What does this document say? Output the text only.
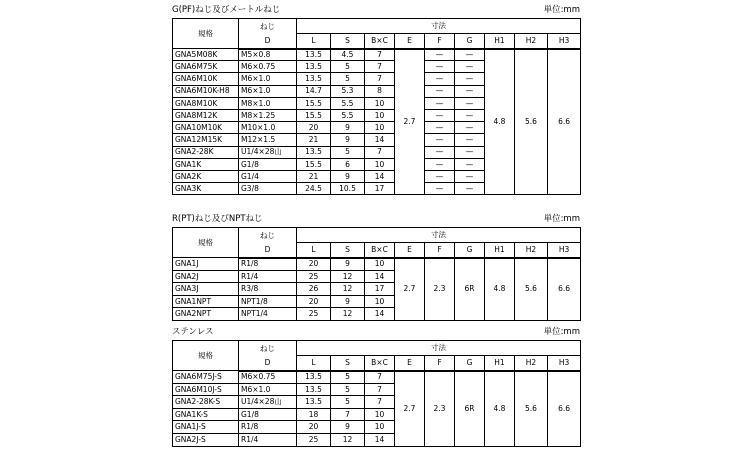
G(PF)ねじ及びメートルねじ	単位:mm
規格	ねじ	寸法								
	D	L	S	B×C	E	F	G	H1	H2	H3
GNA5M08K	M5×0.8	13.5	4.5	7	2.7	—	—	4.8	5.6	6.6
GNA6M75K	M6×0.75	13.5	5	7		—	—			
GNA6M10K	M6×1.0	13.5	5	7		—	—			
GNA6M10K-H8	M6×1.0	14.7	5.3	8		—	—			
GNA8M10K	M8×1.0	15.5	5.5	10		—	—			
GNA8M12K	M8×1.25	15.5	5.5	10		—	—			
GNA10M10K	M10×1.0	20	9	10		—	—			
GNA12M15K	M12×1.5	21	9	14		—	—			
GNA2-28K	U1/4×28山	13.5	5	7		—	—			
GNA1K	G1/8	15.5	6	10		—	—			
GNA2K	G1/4	21	9	14		—	—			
GNA3K	G3/8	24.5	10.5	17		—	—			
R(PT)ねじ及びNPTねじ	単位:mm
規格	ねじ	寸法								
	D	L	S	B×C	E	F	G	H1	H2	H3
GNA1J	R1/8	20	9	10	2.7	2.3	6R	4.8	5.6	6.6
GNA2J	R1/4	25	12	14						
GNA3J	R3/8	26	12	17						
GNA1NPT	NPT1/8	20	9	10						
GNA2NPT	NPT1/4	25	12	14						
ステンレス	単位:mm
規格	ねじ	寸法								
	D	L	S	B×C	E	F	G	H1	H2	H3
GNA6M75J-S	M6×0.75	13.5	5	7	2.7	2.3	6R	4.8	5.6	6.6
GNA6M10J-S	M6×1.0	13.5	5	7						
GNA2-28K-S	U1/4×28山	13.5	5	7						
GNA1K-S	G1/8	18	7	10						
GNA1J-S	R1/8	20	9	10						
GNA2J-S	R1/4	25	12	14						
